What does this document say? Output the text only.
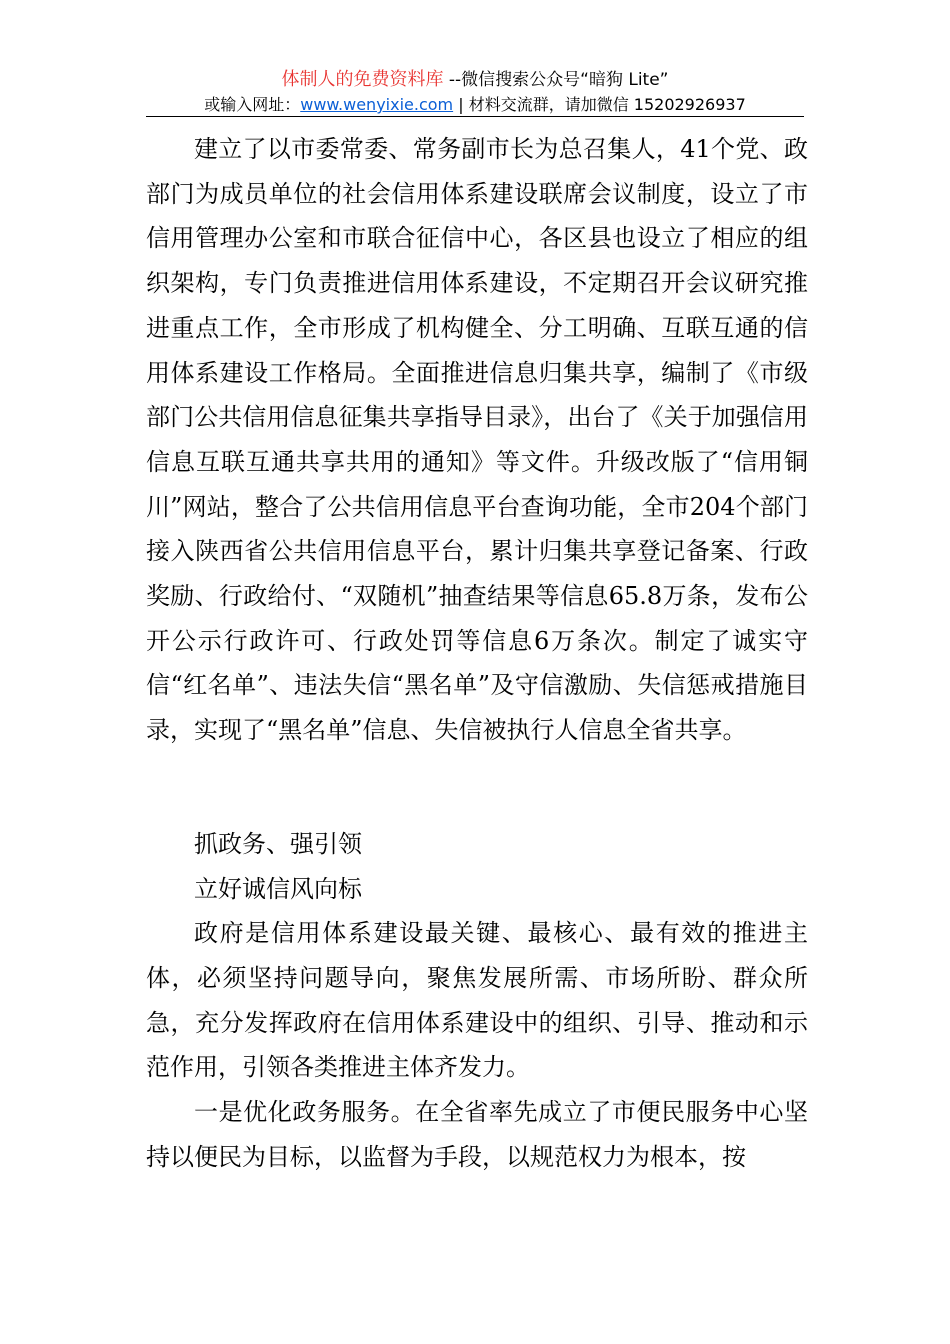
体制人的免费资料库 --微信搜索公众号“暗狗 Lite”
或输入网址：www.wenyixie.com | 材料交流群，请加微信 15202926937

建立了以市委常委、常务副市长为总召集人，41个党、政部门为成员单位的社会信用体系建设联席会议制度，设立了市信用管理办公室和市联合征信中心，各区县也设立了相应的组织架构，专门负责推进信用体系建设，不定期召开会议研究推进重点工作，全市形成了机构健全、分工明确、互联互通的信用体系建设工作格局。全面推进信息归集共享，编制了《市级部门公共信用信息征集共享指导目录》，出台了《关于加强信用信息互联互通共享共用的通知》等文件。升级改版了“信用铜川”网站，整合了公共信用信息平台查询功能，全市204个部门接入陕西省公共信用信息平台，累计归集共享登记备案、行政奖励、行政给付、“双随机”抽查结果等信息65.8万条，发布公开公示行政许可、行政处罚等信息6万条次。制定了诚实守信“红名单”、违法失信“黑名单”及守信激励、失信惩戒措施目录，实现了“黑名单”信息、失信被执行人信息全省共享。

抓政务、强引领

立好诚信风向标

政府是信用体系建设最关键、最核心、最有效的推进主体，必须坚持问题导向，聚焦发展所需、市场所盼、群众所急，充分发挥政府在信用体系建设中的组织、引导、推动和示范作用，引领各类推进主体齐发力。

一是优化政务服务。在全省率先成立了市便民服务中心坚持以便民为目标，以监督为手段，以规范权力为根本，按
